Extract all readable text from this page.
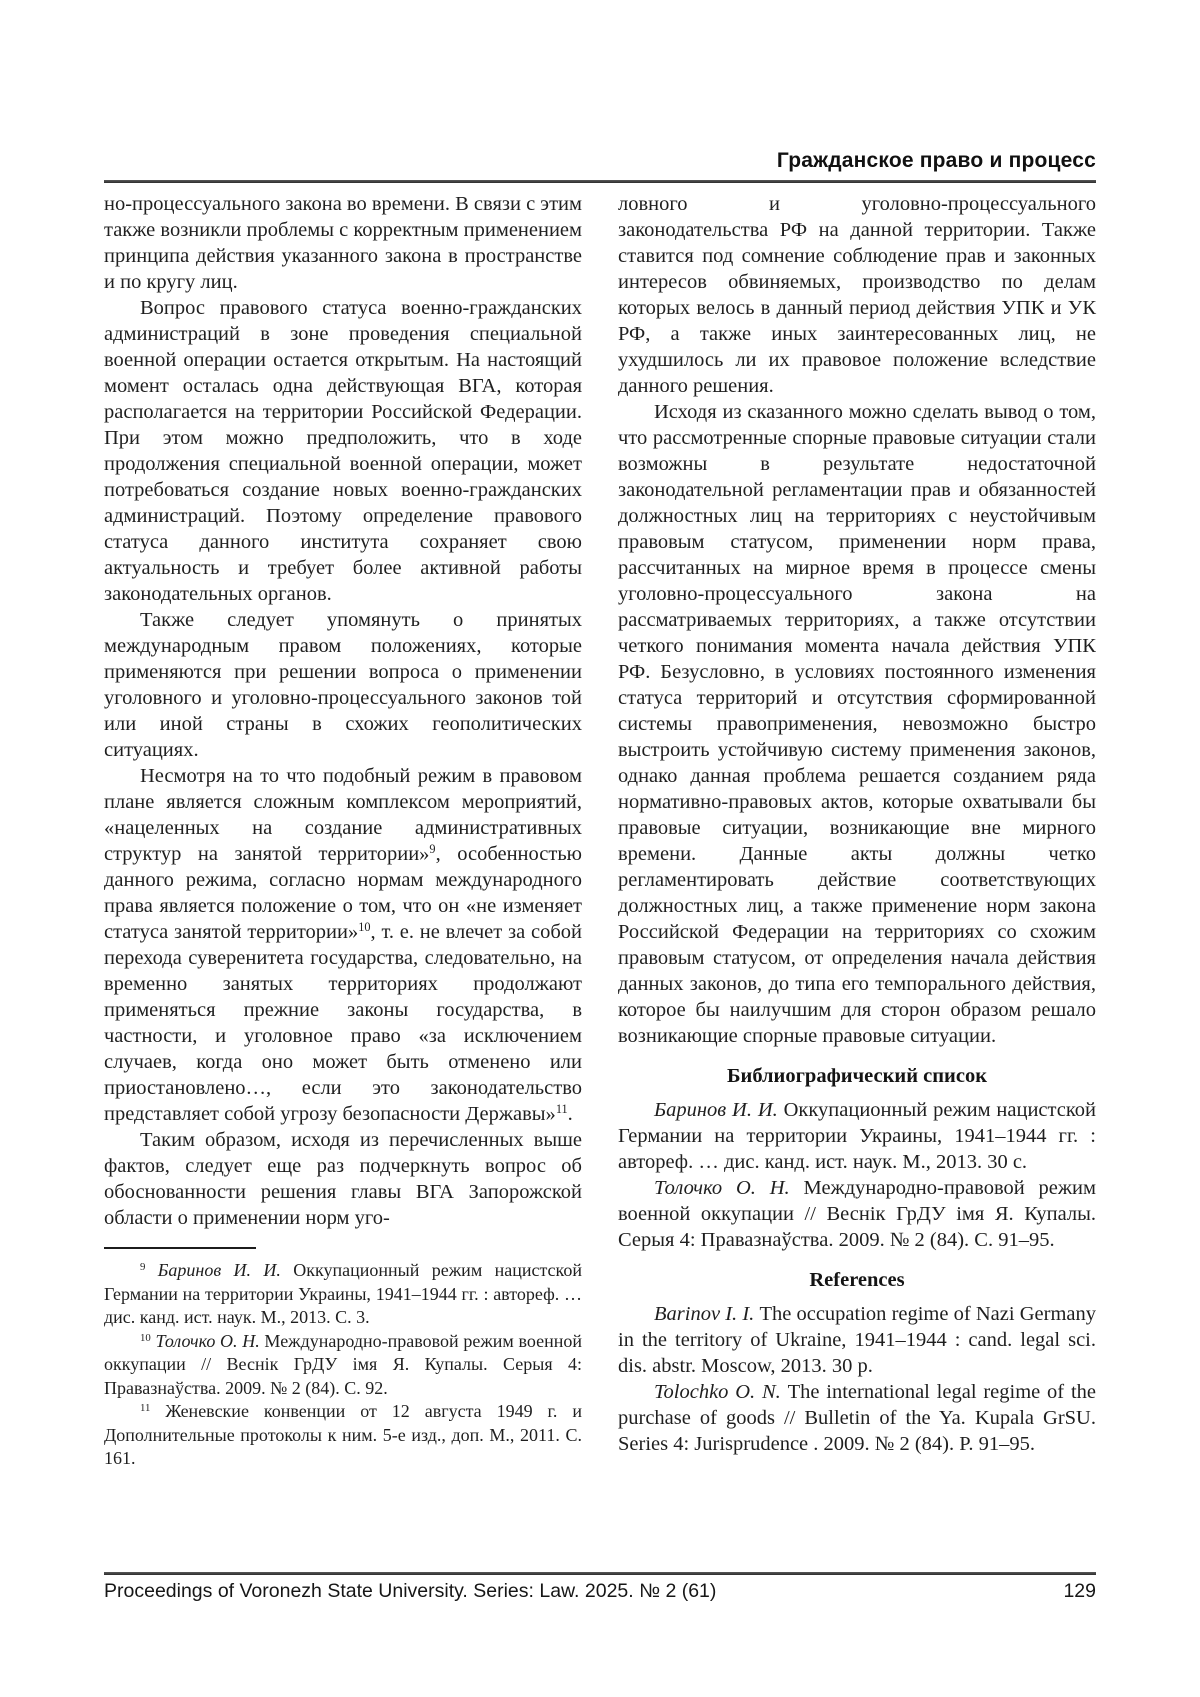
Гражданское право и процесс

но-процессуального закона во времени. В связи с этим также возникли проблемы с корректным применением принципа действия указанного закона в пространстве и по кругу лиц.

Вопрос правового статуса военно-гражданских администраций в зоне проведения специальной военной операции остается открытым. На настоящий момент осталась одна действующая ВГА, которая располагается на территории Российской Федерации. При этом можно предположить, что в ходе продолжения специальной военной операции, может потребоваться создание новых военно-гражданских администраций. Поэтому определение правового статуса данного института сохраняет свою актуальность и требует более активной работы законодательных органов.

Также следует упомянуть о принятых международным правом положениях, которые применяются при решении вопроса о применении уголовного и уголовно-процессуального законов той или иной страны в схожих геополитических ситуациях.

Несмотря на то что подобный режим в правовом плане является сложным комплексом мероприятий, «нацеленных на создание административных структур на занятой территории»$^9$, особенностью данного режима, согласно нормам международного права является положение о том, что он «не изменяет статуса занятой территории»$^{10}$, т. е. не влечет за собой перехода суверенитета государства, следовательно, на временно занятых территориях продолжают применяться прежние законы государства, в частности, и уголовное право «за исключением случаев, когда оно может быть отменено или приостановлено…, если это законодательство представляет собой угрозу безопасности Державы»$^{11}$.

Таким образом, исходя из перечисленных выше фактов, следует еще раз подчеркнуть вопрос об обоснованности решения главы ВГА Запорожской области о применении норм уго-

$^9$ Баринов И. И. Оккупационный режим нацистской Германии на территории Украины, 1941–1944 гг. : автореф. … дис. канд. ист. наук. М., 2013. С. 3.

$^{10}$ Толочко О. Н. Международно-правовой режим военной оккупации // Веснік ГрДУ імя Я. Купалы. Серыя 4: Правазнаўства. 2009. № 2 (84). С. 92.

$^{11}$ Женевские конвенции от 12 августа 1949 г. и Дополнительные протоколы к ним. 5-е изд., доп. М., 2011. С. 161.

ловного и уголовно-процессуального законодательства РФ на данной территории. Также ставится под сомнение соблюдение прав и законных интересов обвиняемых, производство по делам которых велось в данный период действия УПК и УК РФ, а также иных заинтересованных лиц, не ухудшилось ли их правовое положение вследствие данного решения.

Исходя из сказанного можно сделать вывод о том, что рассмотренные спорные правовые ситуации стали возможны в результате недостаточной законодательной регламентации прав и обязанностей должностных лиц на территориях с неустойчивым правовым статусом, применении норм права, рассчитанных на мирное время в процессе смены уголовно-процессуального закона на рассматриваемых территориях, а также отсутствии четкого понимания момента начала действия УПК РФ. Безусловно, в условиях постоянного изменения статуса территорий и отсутствия сформированной системы правоприменения, невозможно быстро выстроить устойчивую систему применения законов, однако данная проблема решается созданием ряда нормативно-правовых актов, которые охватывали бы правовые ситуации, возникающие вне мирного времени. Данные акты должны четко регламентировать действие соответствующих должностных лиц, а также применение норм закона Российской Федерации на территориях со схожим правовым статусом, от определения начала действия данных законов, до типа его темпорального действия, которое бы наилучшим для сторон образом решало возникающие спорные правовые ситуации.

Библиографический список

Баринов И. И. Оккупационный режим нацистской Германии на территории Украины, 1941–1944 гг. : автореф. … дис. канд. ист. наук. М., 2013. 30 с.

Толочко О. Н. Международно-правовой режим военной оккупации // Веснік ГрДУ імя Я. Купалы. Серыя 4: Правазнаўства. 2009. № 2 (84). С. 91–95.

References

Barinov I. I. The occupation regime of Nazi Germany in the territory of Ukraine, 1941–1944 : cand. legal sci. dis. abstr. Moscow, 2013. 30 p.

Tolochko O. N. The international legal regime of the purchase of goods // Bulletin of the Ya. Kupala GrSU. Series 4: Jurisprudence . 2009. № 2 (84). P. 91–95.

Proceedings of Voronezh State University. Series: Law. 2025. № 2 (61)	129
